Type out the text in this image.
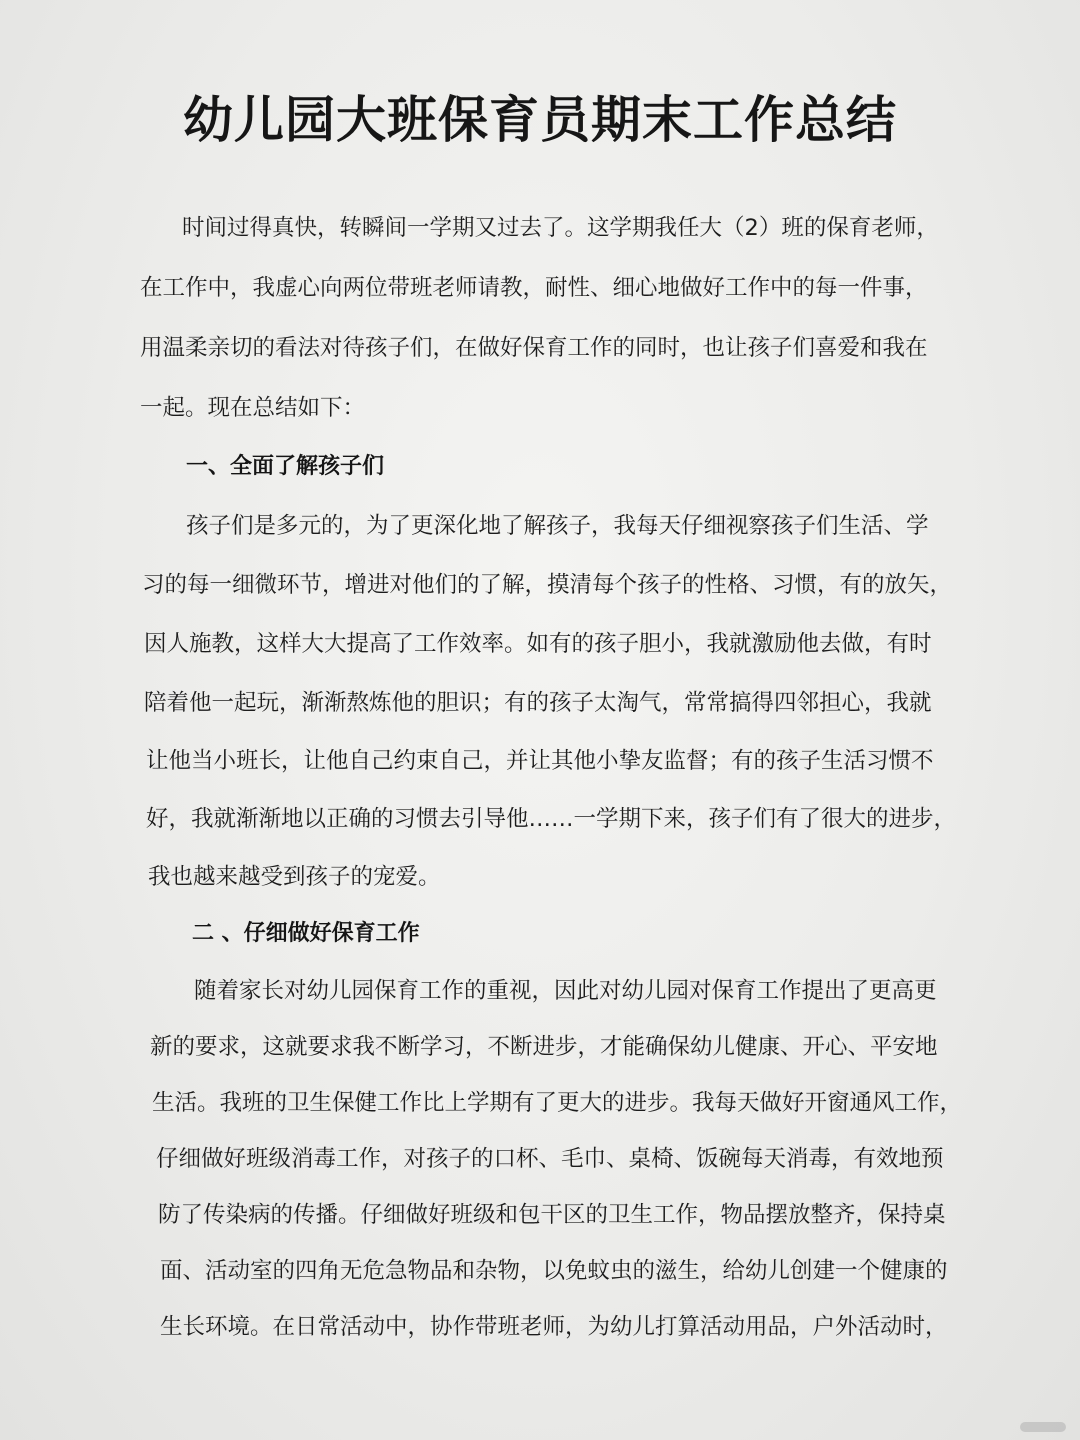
幼儿园大班保育员期末工作总结
时间过得真快，转瞬间一学期又过去了。这学期我任大（2）班的保育老师，
在工作中，我虚心向两位带班老师请教，耐性、细心地做好工作中的每一件事，
用温柔亲切的看法对待孩子们，在做好保育工作的同时，也让孩子们喜爱和我在
一起。现在总结如下：
一、全面了解孩子们
孩子们是多元的，为了更深化地了解孩子，我每天仔细视察孩子们生活、学
习的每一细微环节，增进对他们的了解，摸清每个孩子的性格、习惯，有的放矢，
因人施教，这样大大提高了工作效率。如有的孩子胆小，我就激励他去做，有时
陪着他一起玩，渐渐熬炼他的胆识；有的孩子太淘气，常常搞得四邻担心，我就
让他当小班长，让他自己约束自己，并让其他小挚友监督；有的孩子生活习惯不
好，我就渐渐地以正确的习惯去引导他……一学期下来，孩子们有了很大的进步，
我也越来越受到孩子的宠爱。
二 、仔细做好保育工作
随着家长对幼儿园保育工作的重视，因此对幼儿园对保育工作提出了更高更
新的要求，这就要求我不断学习，不断进步，才能确保幼儿健康、开心、平安地
生活。我班的卫生保健工作比上学期有了更大的进步。我每天做好开窗通风工作，
仔细做好班级消毒工作，对孩子的口杯、毛巾、桌椅、饭碗每天消毒，有效地预
防了传染病的传播。仔细做好班级和包干区的卫生工作，物品摆放整齐，保持桌
面、活动室的四角无危急物品和杂物，以免蚊虫的滋生，给幼儿创建一个健康的
生长环境。在日常活动中，协作带班老师，为幼儿打算活动用品，户外活动时，
